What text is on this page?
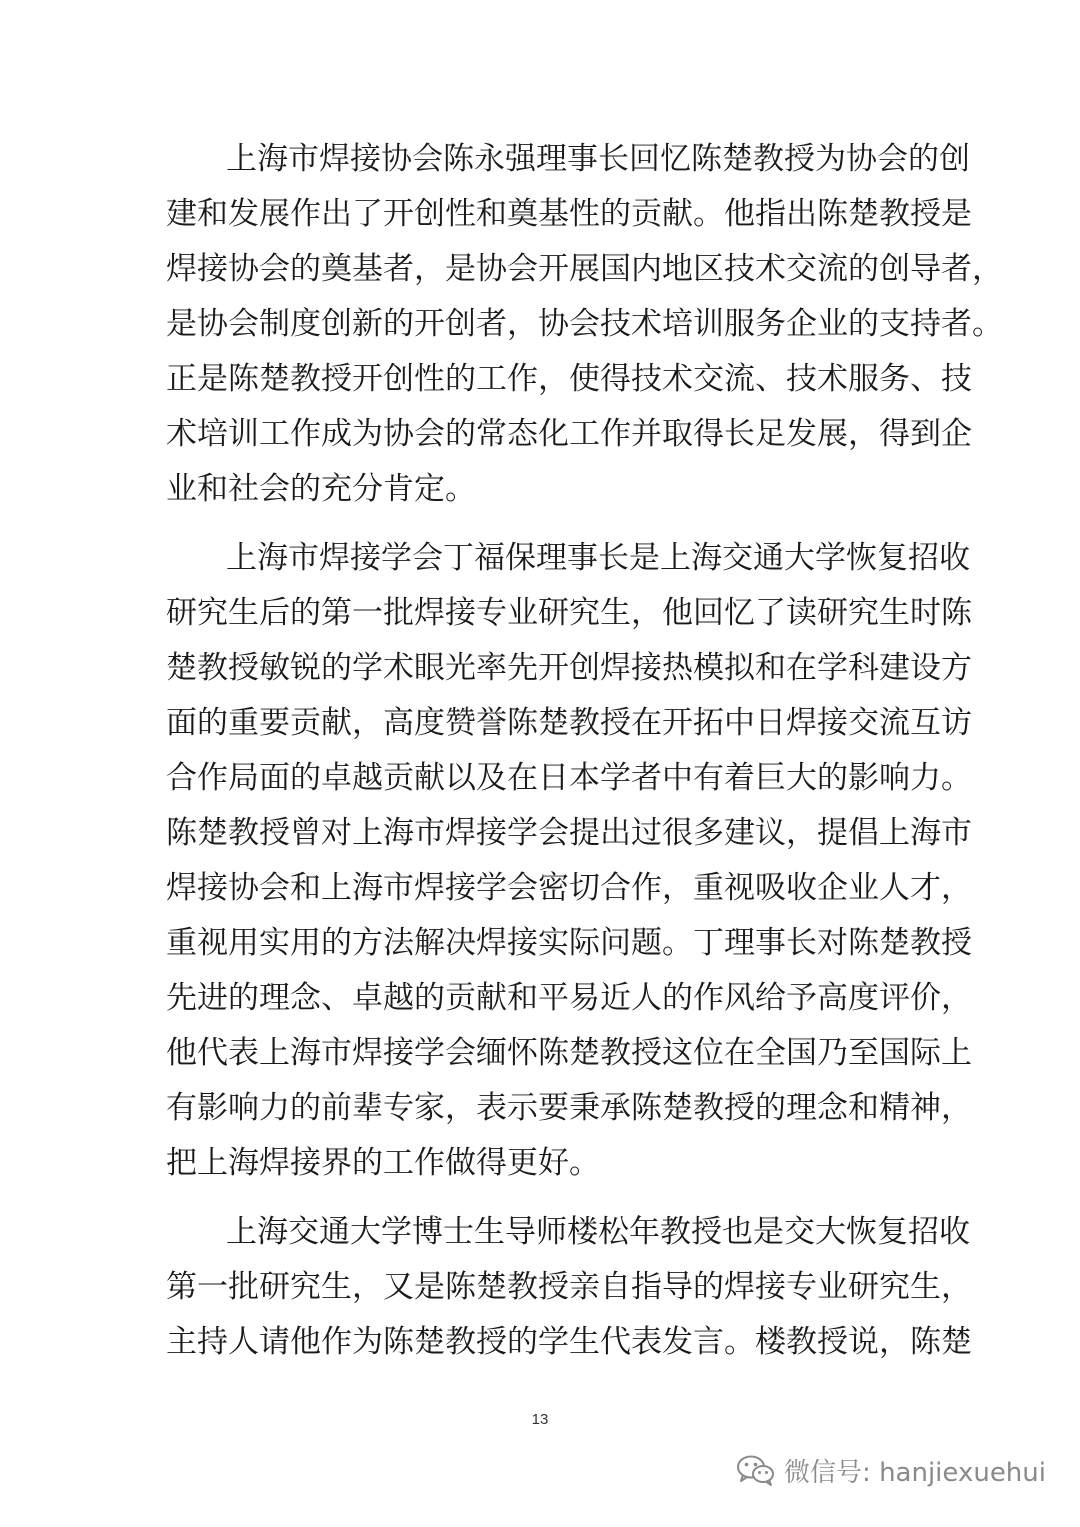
上海市焊接协会陈永强理事长回忆陈楚教授为协会的创
建和发展作出了开创性和奠基性的贡献。他指出陈楚教授是
焊接协会的奠基者，是协会开展国内地区技术交流的创导者，
是协会制度创新的开创者，协会技术培训服务企业的支持者。
正是陈楚教授开创性的工作，使得技术交流、技术服务、技
术培训工作成为协会的常态化工作并取得长足发展，得到企
业和社会的充分肯定。
上海市焊接学会丁福保理事长是上海交通大学恢复招收
研究生后的第一批焊接专业研究生，他回忆了读研究生时陈
楚教授敏锐的学术眼光率先开创焊接热模拟和在学科建设方
面的重要贡献，高度赞誉陈楚教授在开拓中日焊接交流互访
合作局面的卓越贡献以及在日本学者中有着巨大的影响力。
陈楚教授曾对上海市焊接学会提出过很多建议，提倡上海市
焊接协会和上海市焊接学会密切合作，重视吸收企业人才，
重视用实用的方法解决焊接实际问题。丁理事长对陈楚教授
先进的理念、卓越的贡献和平易近人的作风给予高度评价，
他代表上海市焊接学会缅怀陈楚教授这位在全国乃至国际上
有影响力的前辈专家，表示要秉承陈楚教授的理念和精神，
把上海焊接界的工作做得更好。
上海交通大学博士生导师楼松年教授也是交大恢复招收
第一批研究生，又是陈楚教授亲自指导的焊接专业研究生，
主持人请他作为陈楚教授的学生代表发言。楼教授说，陈楚
13
微信号: hanjiexuehui
